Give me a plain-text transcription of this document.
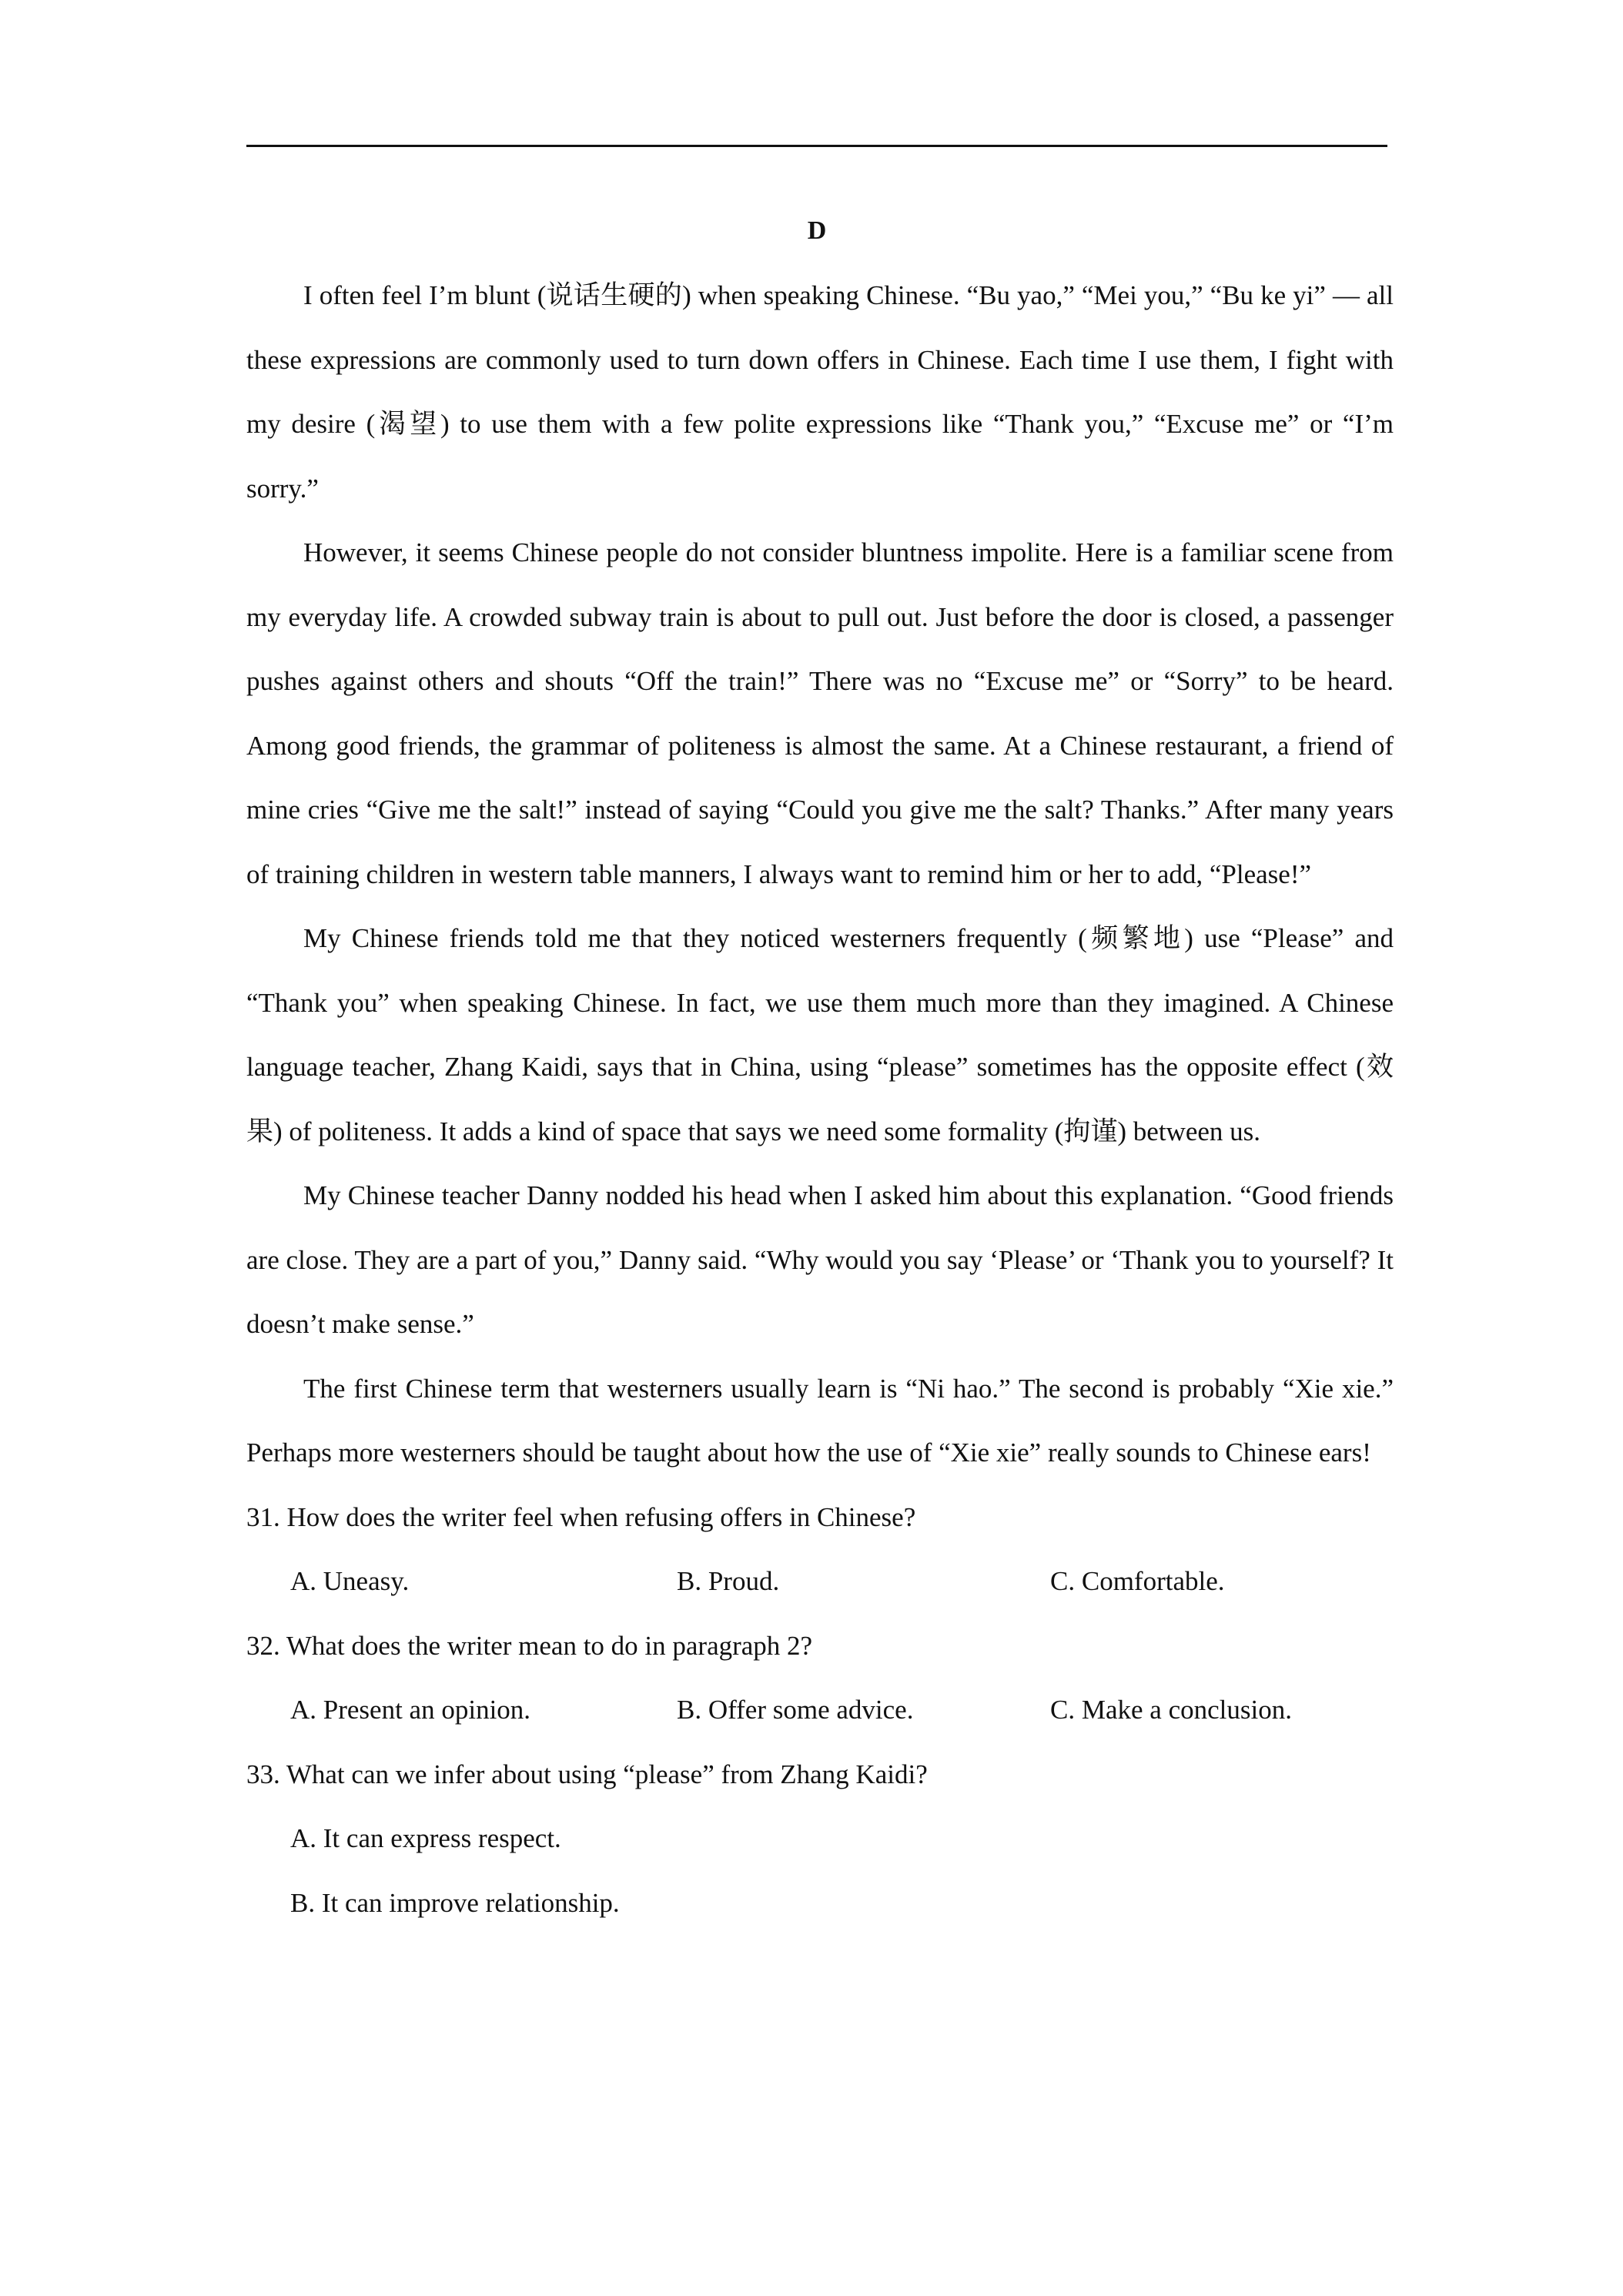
D

I often feel I’m blunt (说话生硬的) when speaking Chinese. “Bu yao,” “Mei you,” “Bu ke yi” — all these expressions are commonly used to turn down offers in Chinese. Each time I use them, I fight with my desire (渴望) to use them with a few polite expressions like “Thank you,” “Excuse me” or “I’m sorry.”

However, it seems Chinese people do not consider bluntness impolite. Here is a familiar scene from my everyday life. A crowded subway train is about to pull out. Just before the door is closed, a passenger pushes against others and shouts “Off the train!” There was no “Excuse me” or “Sorry” to be heard. Among good friends, the grammar of politeness is almost the same. At a Chinese restaurant, a friend of mine cries “Give me the salt!” instead of saying “Could you give me the salt? Thanks.” After many years of training children in western table manners, I always want to remind him or her to add, “Please!”

My Chinese friends told me that they noticed westerners frequently (频繁地) use “Please” and “Thank you” when speaking Chinese. In fact, we use them much more than they imagined. A Chinese language teacher, Zhang Kaidi, says that in China, using “please” sometimes has the opposite effect (效果) of politeness. It adds a kind of space that says we need some formality (拘谨) between us.

My Chinese teacher Danny nodded his head when I asked him about this explanation. “Good friends are close. They are a part of you,” Danny said. “Why would you say ‘Please’ or ‘Thank you to yourself? It doesn’t make sense.”

The first Chinese term that westerners usually learn is “Ni hao.” The second is probably “Xie xie.” Perhaps more westerners should be taught about how the use of “Xie xie” really sounds to Chinese ears!

31. How does the writer feel when refusing offers in Chinese?

A. Uneasy.	B. Proud.	C. Comfortable.

32. What does the writer mean to do in paragraph 2?

A. Present an opinion.	B. Offer some advice.	C. Make a conclusion.

33. What can we infer about using “please” from Zhang Kaidi?

A. It can express respect.

B. It can improve relationship.
